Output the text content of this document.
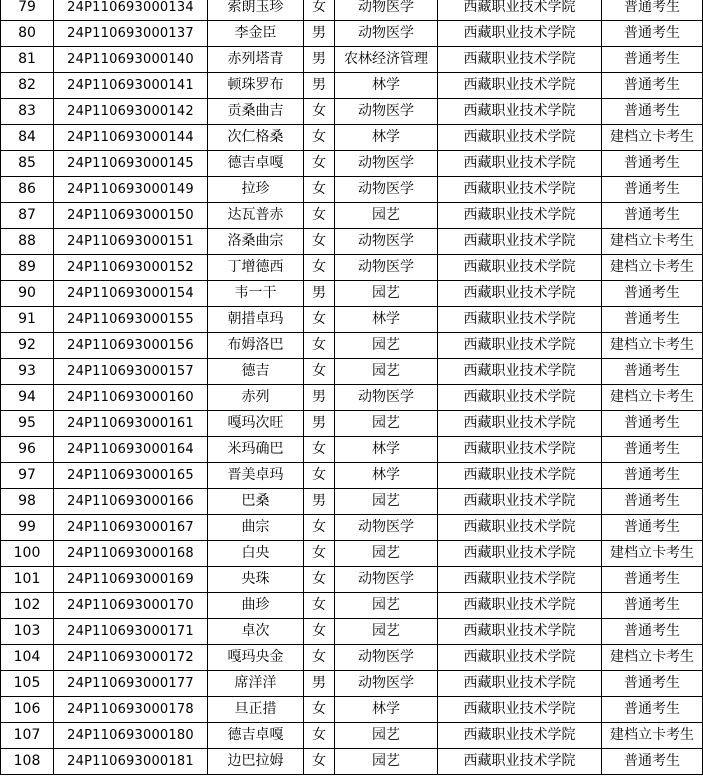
79	24P110693000134	索朗玉珍	女	动物医学	西藏职业技术学院	普通考生
80	24P110693000137	李金臣	男	动物医学	西藏职业技术学院	普通考生
81	24P110693000140	赤列塔青	男	农林经济管理	西藏职业技术学院	普通考生
82	24P110693000141	顿珠罗布	男	林学	西藏职业技术学院	普通考生
83	24P110693000142	贡桑曲吉	女	动物医学	西藏职业技术学院	普通考生
84	24P110693000144	次仁格桑	女	林学	西藏职业技术学院	建档立卡考生
85	24P110693000145	德吉卓嘎	女	动物医学	西藏职业技术学院	普通考生
86	24P110693000149	拉珍	女	动物医学	西藏职业技术学院	普通考生
87	24P110693000150	达瓦普赤	女	园艺	西藏职业技术学院	普通考生
88	24P110693000151	洛桑曲宗	女	动物医学	西藏职业技术学院	建档立卡考生
89	24P110693000152	丁增德西	女	动物医学	西藏职业技术学院	建档立卡考生
90	24P110693000154	韦一干	男	园艺	西藏职业技术学院	普通考生
91	24P110693000155	朝措卓玛	女	林学	西藏职业技术学院	普通考生
92	24P110693000156	布姆洛巴	女	园艺	西藏职业技术学院	建档立卡考生
93	24P110693000157	德吉	女	园艺	西藏职业技术学院	普通考生
94	24P110693000160	赤列	男	动物医学	西藏职业技术学院	建档立卡考生
95	24P110693000161	嘎玛次旺	男	园艺	西藏职业技术学院	普通考生
96	24P110693000164	米玛确巴	女	林学	西藏职业技术学院	普通考生
97	24P110693000165	晋美卓玛	女	林学	西藏职业技术学院	普通考生
98	24P110693000166	巴桑	男	园艺	西藏职业技术学院	普通考生
99	24P110693000167	曲宗	女	动物医学	西藏职业技术学院	普通考生
100	24P110693000168	白央	女	园艺	西藏职业技术学院	建档立卡考生
101	24P110693000169	央珠	女	动物医学	西藏职业技术学院	普通考生
102	24P110693000170	曲珍	女	园艺	西藏职业技术学院	普通考生
103	24P110693000171	卓次	女	园艺	西藏职业技术学院	普通考生
104	24P110693000172	嘎玛央金	女	动物医学	西藏职业技术学院	建档立卡考生
105	24P110693000177	席洋洋	男	动物医学	西藏职业技术学院	普通考生
106	24P110693000178	旦正措	女	林学	西藏职业技术学院	普通考生
107	24P110693000180	德吉卓嘎	女	园艺	西藏职业技术学院	建档立卡考生
108	24P110693000181	边巴拉姆	女	园艺	西藏职业技术学院	普通考生
